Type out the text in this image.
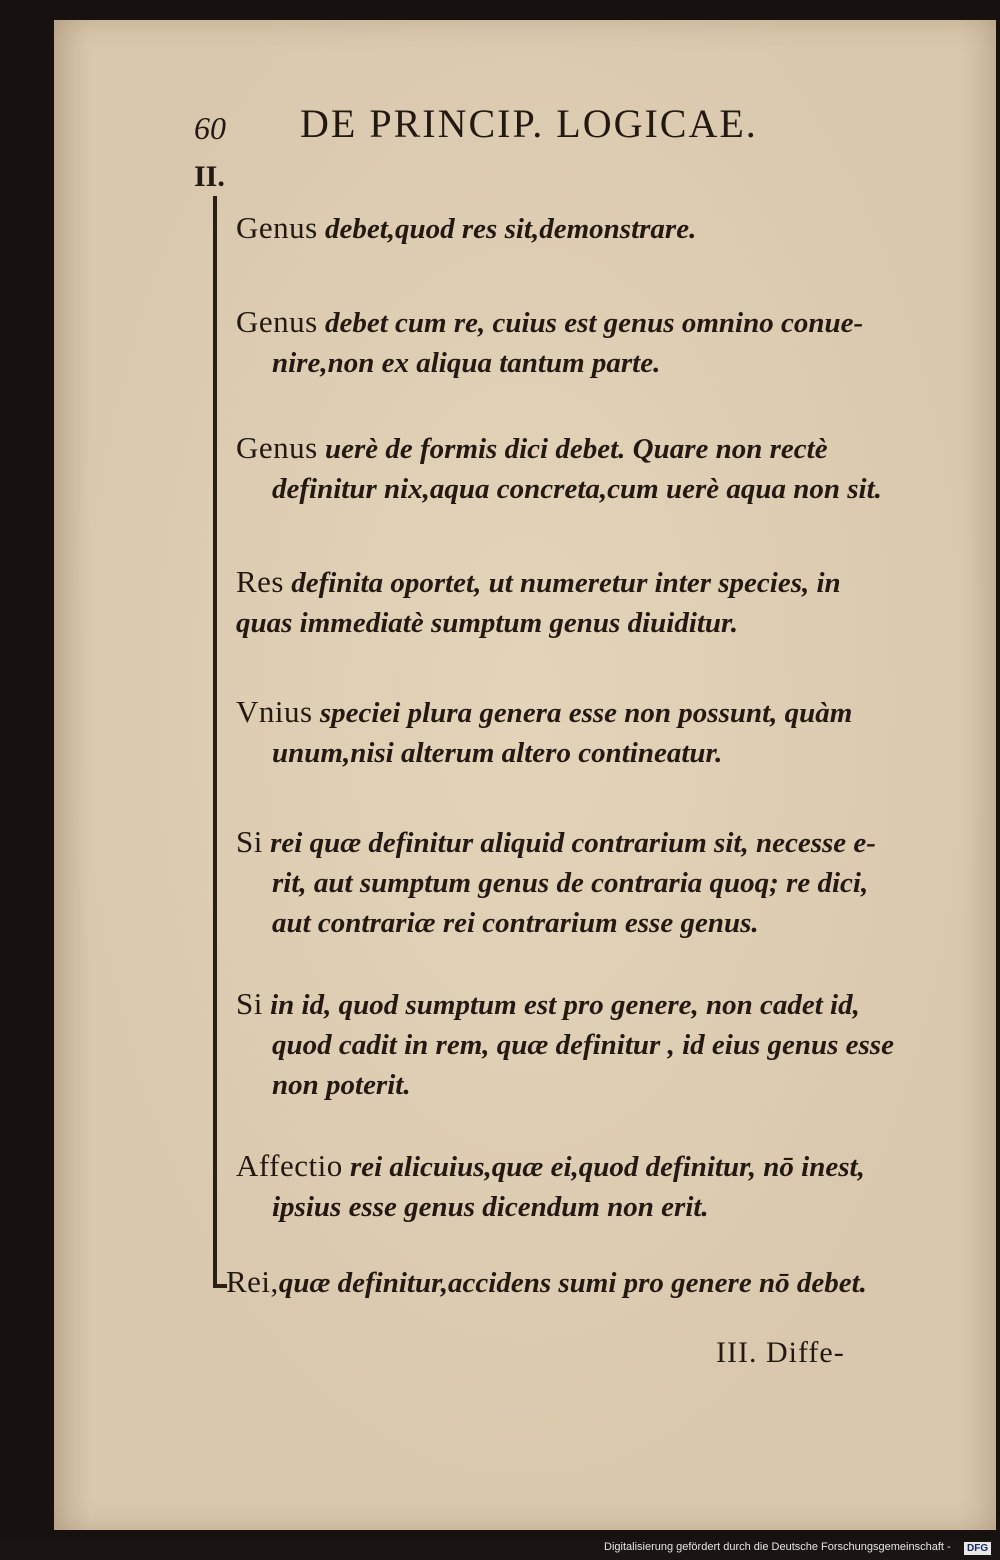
60 DE PRINCIP. LOGICAE.
II.
Genus debet,quod res sit,demonstrare.
Genus debet cum re, cuius est genus omnino conue-
nire,non ex aliqua tantum parte.
Genus uerè de formis dici debet. Quare non rectè
definitur nix,aqua concreta,cum uerè aqua non sit.
Res definita oportet, ut numeretur inter species, in
quas immediatè sumptum genus diuiditur.
Vnius speciei plura genera esse non possunt, quàm
unum,nisi alterum altero contineatur.
Si rei quæ definitur aliquid contrarium sit, necesse e-
rit, aut sumptum genus de contraria quoq; re dici,
aut contrariæ rei contrarium esse genus.
Si in id, quod sumptum est pro genere, non cadet id,
quod cadit in rem, quæ definitur , id eius genus esse
non poterit.
Affectio rei alicuius,quæ ei,quod definitur, nō inest,
ipsius esse genus dicendum non erit.
Rei,quæ definitur,accidens sumi pro genere nō debet.
III. Diffe-
Digitalisierung gefördert durch die Deutsche Forschungsgemeinschaft -	DFG
